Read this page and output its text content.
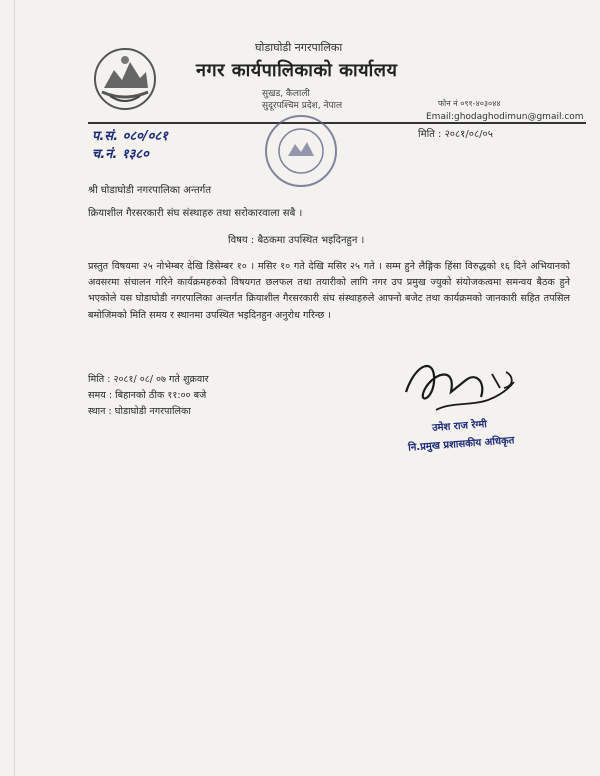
घोडाघोडी नगरपालिका
नगर कार्यपालिकाको कार्यालय
सुखड, कैलाली
सुदूरपश्चिम प्रदेश, नेपाल	फोन नं ०९१-४०३०४४
Email:ghodaghodimun@gmail.com
प.सं. ०८०/०८१
च.नं. १३८०
मिति : २०८१/०८/०५
श्री घोडाघोडी नगरपालिका अन्तर्गत
क्रियाशील गैरसरकारी संघ संस्थाहरु तथा सरोकारवाला सबै ।
विषय : बैठकमा उपस्थित भइदिनहुन ।
प्रस्तुत विषयमा २५ नोभेम्बर देखि डिसेम्बर १० । मसिर १० गते देखि मसिर २५ गते । सम्म हुने लैङ्गिक हिंसा विरुद्धको १६ दिने अभियानको अवसरमा संचालन गरिने कार्यक्रमहरुको विषयगत छलफल तथा तयारीको लागि नगर उप प्रमुख ज्युको संयोजकत्वमा समन्वय बैठक हुने भएकोले यस घोडाघोडी नगरपालिका अन्तर्गत क्रियाशील गैरसरकारी संघ संस्थाहरुले आफ्नो बजेट तथा कार्यक्रमको जानकारी सहित तपसिल बमोजिमको मिति समय र स्थानमा उपस्थित भइदिनहुन अनुरोध गरिन्छ ।
मिति : २०८१/ ०८/ ०७ गते शुक्रवार
समय : बिहानको ठीक ११:०० बजे
स्थान : घोडाघोडी नगरपालिका
उमेश राज रेग्मी
नि.प्रमुख प्रशासकीय अधिकृत
